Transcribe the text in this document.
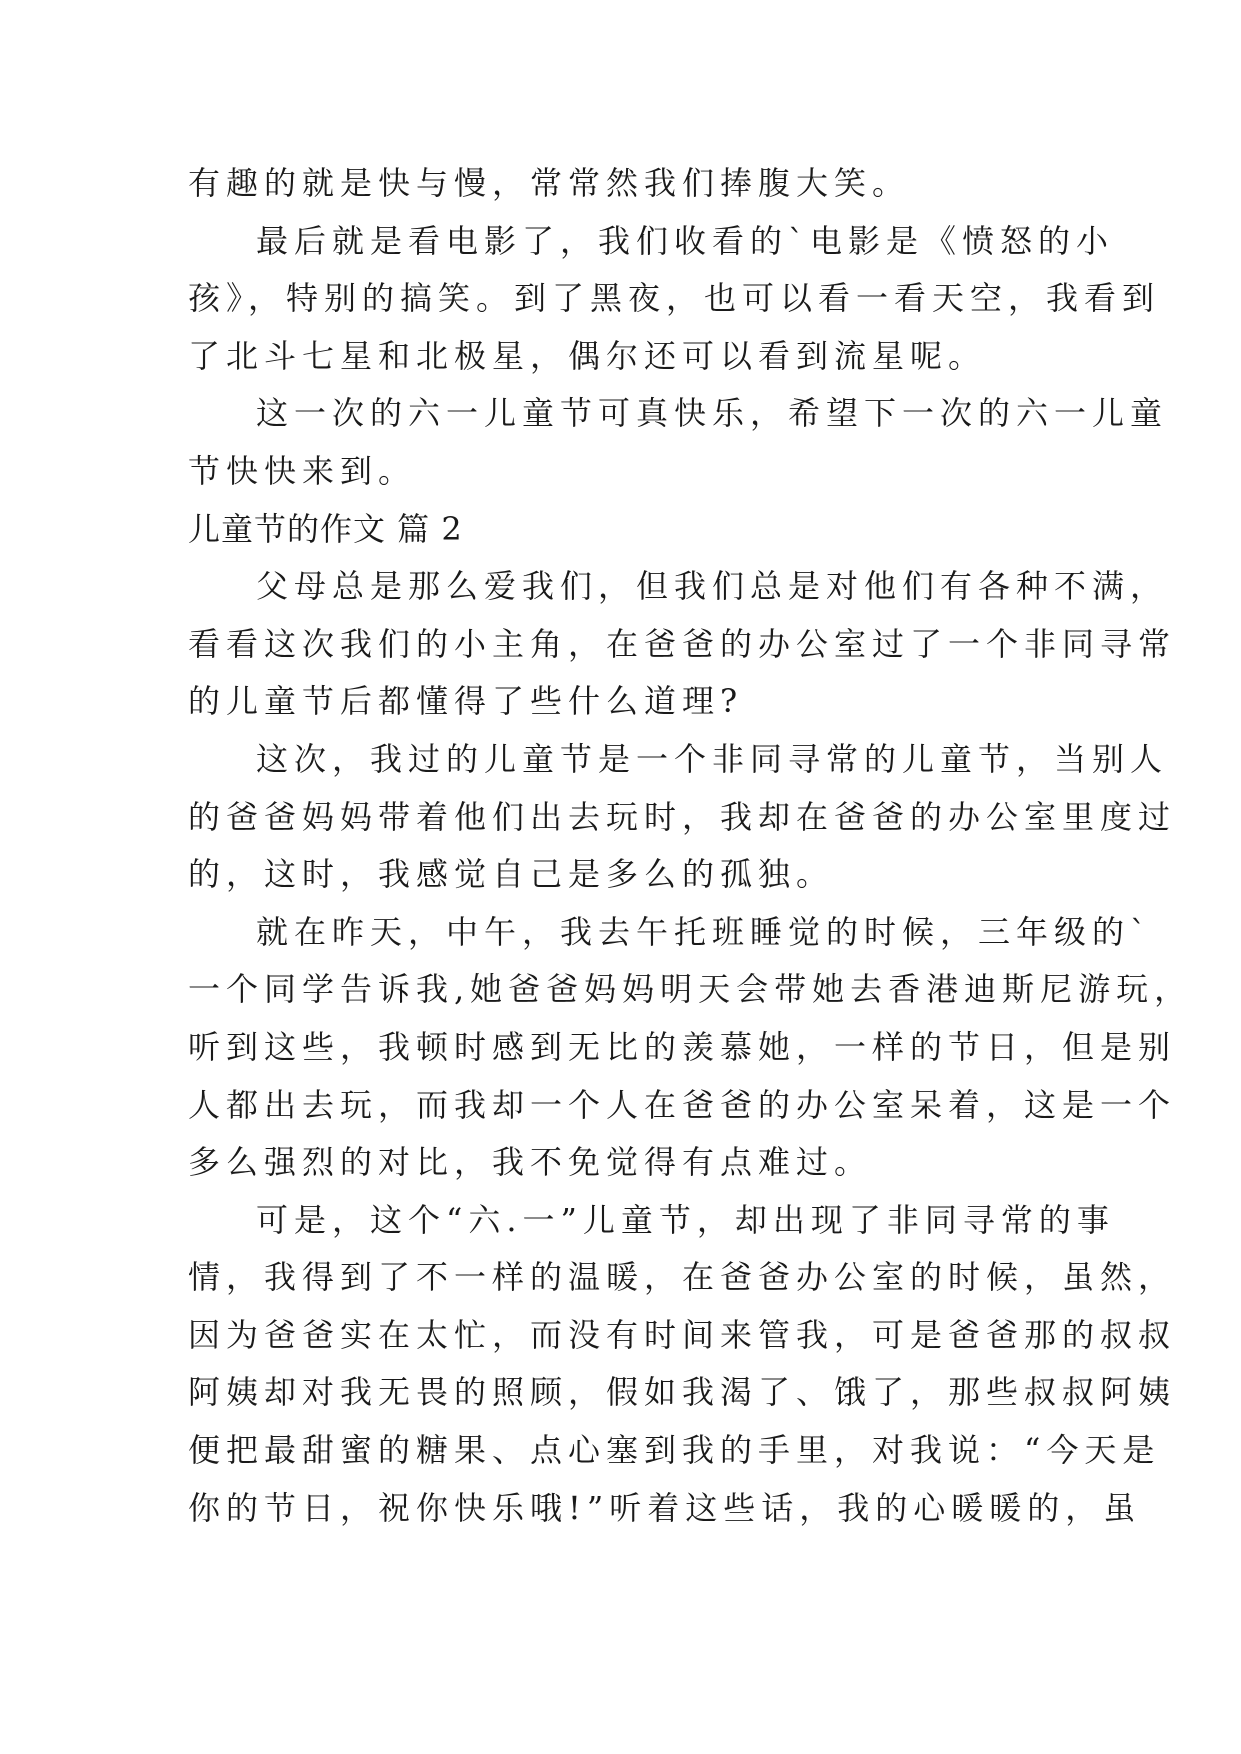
有趣的就是快与慢，常常然我们捧腹大笑。
最后就是看电影了，我们收看的`电影是《愤怒的小
孩》，特别的搞笑。到了黑夜，也可以看一看天空，我看到
了北斗七星和北极星，偶尔还可以看到流星呢。
这一次的六一儿童节可真快乐，希望下一次的六一儿童
节快快来到。
儿童节的作文 篇 2
父母总是那么爱我们，但我们总是对他们有各种不满，
看看这次我们的小主角，在爸爸的办公室过了一个非同寻常
的儿童节后都懂得了些什么道理?
这次，我过的儿童节是一个非同寻常的儿童节，当别人
的爸爸妈妈带着他们出去玩时，我却在爸爸的办公室里度过
的，这时，我感觉自己是多么的孤独。
就在昨天，中午，我去午托班睡觉的时候，三年级的`
一个同学告诉我,她爸爸妈妈明天会带她去香港迪斯尼游玩，
听到这些，我顿时感到无比的羡慕她，一样的节日，但是别
人都出去玩，而我却一个人在爸爸的办公室呆着，这是一个
多么强烈的对比，我不免觉得有点难过。
可是，这个“六.一”儿童节，却出现了非同寻常的事
情，我得到了不一样的温暖，在爸爸办公室的时候，虽然，
因为爸爸实在太忙，而没有时间来管我，可是爸爸那的叔叔
阿姨却对我无畏的照顾，假如我渴了、饿了，那些叔叔阿姨
便把最甜蜜的糖果、点心塞到我的手里，对我说：“今天是
你的节日，祝你快乐哦!”听着这些话，我的心暖暖的，虽
